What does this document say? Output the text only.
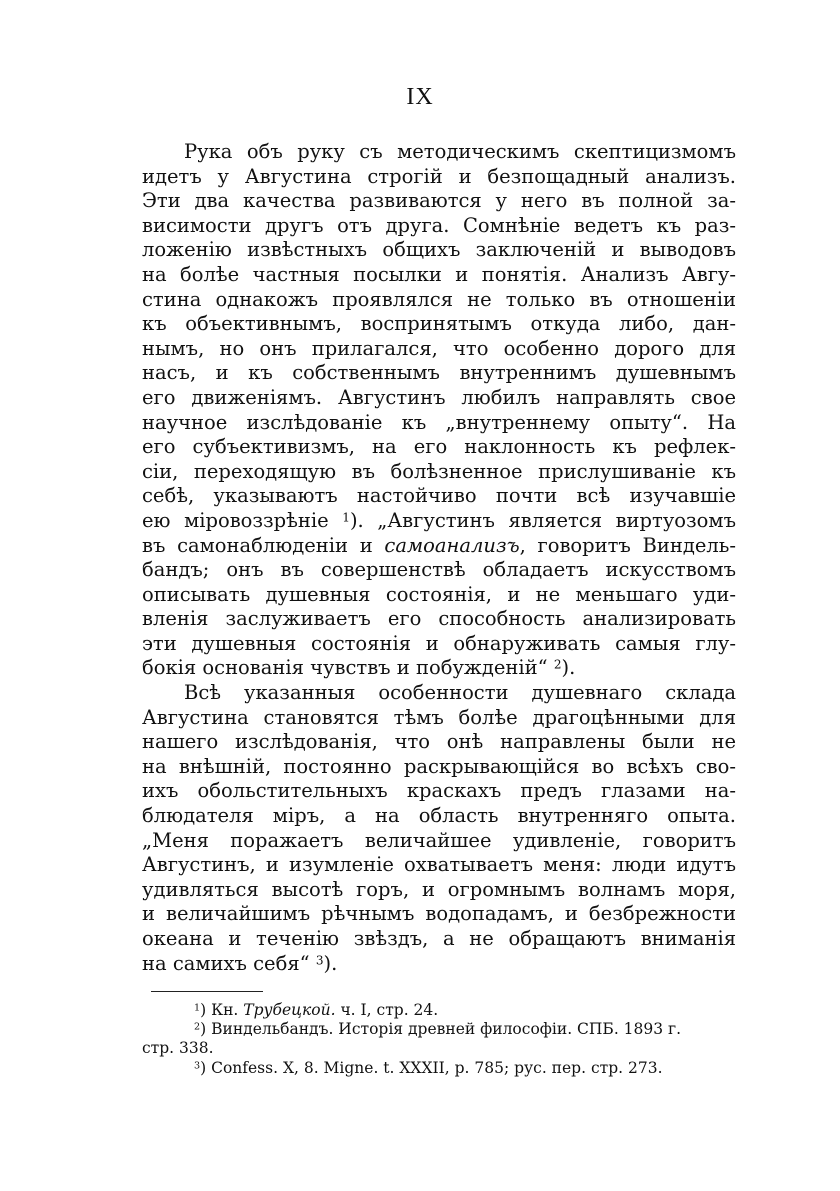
IX
Рука объ руку съ методическимъ скептицизмомъ
идетъ у Августина строгій и безпощадный анализъ.
Эти два качества развиваются у него въ полной за-
висимости другъ отъ друга. Сомнѣніе ведетъ къ раз-
ложенію извѣстныхъ общихъ заключеній и выводовъ
на болѣе частныя посылки и понятія. Анализъ Авгу-
стина однакожъ проявлялся не только въ отношеніи
къ объективнымъ, воспринятымъ откуда либо, дан-
нымъ, но онъ прилагался, что особенно дорого для
насъ, и къ собственнымъ внутреннимъ душевнымъ
его движеніямъ. Августинъ любилъ направлять свое
научное изслѣдованіе къ „внутреннему опыту“. На
его субъективизмъ, на его наклонность къ рефлек-
сіи, переходящую въ болѣзненное прислушиваніе къ
себѣ, указываютъ настойчиво почти всѣ изучавшіе
ею міровоззрѣніе $^1$). „Августинъ является виртуозомъ
въ самонаблюденіи и самоанализъ, говоритъ Виндель-
бандъ; онъ въ совершенствѣ обладаетъ искусствомъ
описывать душевныя состоянія, и не меньшаго уди-
вленія заслуживаетъ его способность анализировать
эти душевныя состоянія и обнаруживать самыя глу-
бокія основанія чувствъ и побужденій“ $^2$).
Всѣ указанныя особенности душевнаго склада
Августина становятся тѣмъ болѣе драгоцѣнными для
нашего изслѣдованія, что онѣ направлены были не
на внѣшній, постоянно раскрывающійся во всѣхъ сво-
ихъ обольстительныхъ краскахъ предъ глазами на-
блюдателя міръ, а на область внутренняго опыта.
„Меня поражаетъ величайшее удивленіе, говоритъ
Августинъ, и изумленіе охватываетъ меня: люди идутъ
удивляться высотѣ горъ, и огромнымъ волнамъ моря,
и величайшимъ рѣчнымъ водопадамъ, и безбрежности
океана и теченію звѣздъ, а не обращаютъ вниманія
на самихъ себя“ $^3$).
$^1$) Кн. Трубецкой. ч. I, стр. 24.
$^2$) Виндельбандъ. Исторія древней философіи. СПБ. 1893 г.
стр. 338.
$^3$) Confess. X, 8. Migne. t. XXXII, p. 785; рус. пер. стр. 273.
